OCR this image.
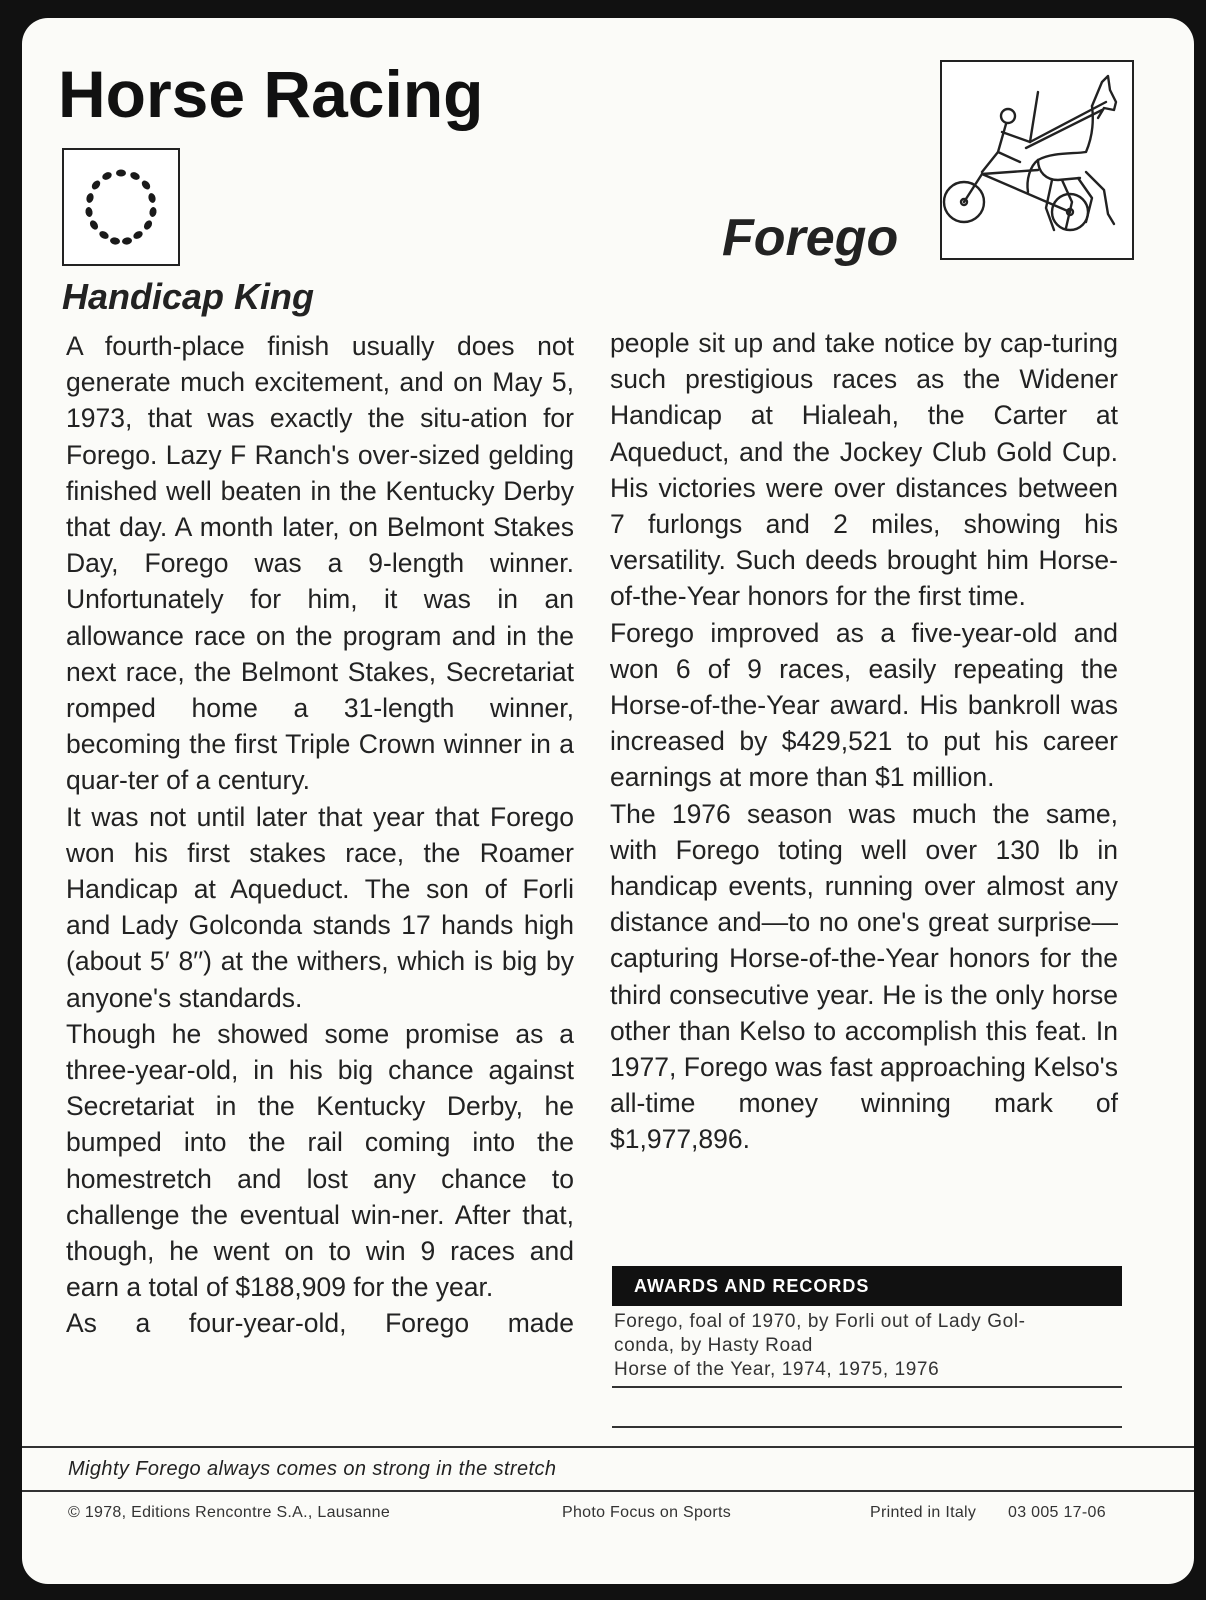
Horse Racing
Forego
Handicap King

A fourth-place finish usually does not generate much excitement, and on May 5, 1973, that was exactly the situ-ation for Forego. Lazy F Ranch's over-sized gelding finished well beaten in the Kentucky Derby that day. A month later, on Belmont Stakes Day, Forego was a 9-length winner. Unfortunately for him, it was in an allowance race on the program and in the next race, the Belmont Stakes, Secretariat romped home a 31-length winner, becoming the first Triple Crown winner in a quar-ter of a century.

It was not until later that year that Forego won his first stakes race, the Roamer Handicap at Aqueduct. The son of Forli and Lady Golconda stands 17 hands high (about 5′ 8′′) at the withers, which is big by anyone's standards.

Though he showed some promise as a three-year-old, in his big chance against Secretariat in the Kentucky Derby, he bumped into the rail coming into the homestretch and lost any chance to challenge the eventual win-ner. After that, though, he went on to win 9 races and earn a total of $188,909 for the year.

As a four-year-old, Forego made

people sit up and take notice by cap-turing such prestigious races as the Widener Handicap at Hialeah, the Carter at Aqueduct, and the Jockey Club Gold Cup. His victories were over distances between 7 furlongs and 2 miles, showing his versatility. Such deeds brought him Horse-of-the-Year honors for the first time.

Forego improved as a five-year-old and won 6 of 9 races, easily repeating the Horse-of-the-Year award. His bankroll was increased by $429,521 to put his career earnings at more than $1 million.

The 1976 season was much the same, with Forego toting well over 130 lb in handicap events, running over almost any distance and—to no one's great surprise—capturing Horse-of-the-Year honors for the third consecutive year. He is the only horse other than Kelso to accomplish this feat. In 1977, Forego was fast approaching Kelso's all-time money winning mark of $1,977,896.

AWARDS AND RECORDS
Forego, foal of 1970, by Forli out of Lady Gol-
conda, by Hasty Road
Horse of the Year, 1974, 1975, 1976
Mighty Forego always comes on strong in the stretch
© 1978, Editions Rencontre S.A., Lausanne	Photo Focus on Sports	Printed in Italy 03 005 17-06
